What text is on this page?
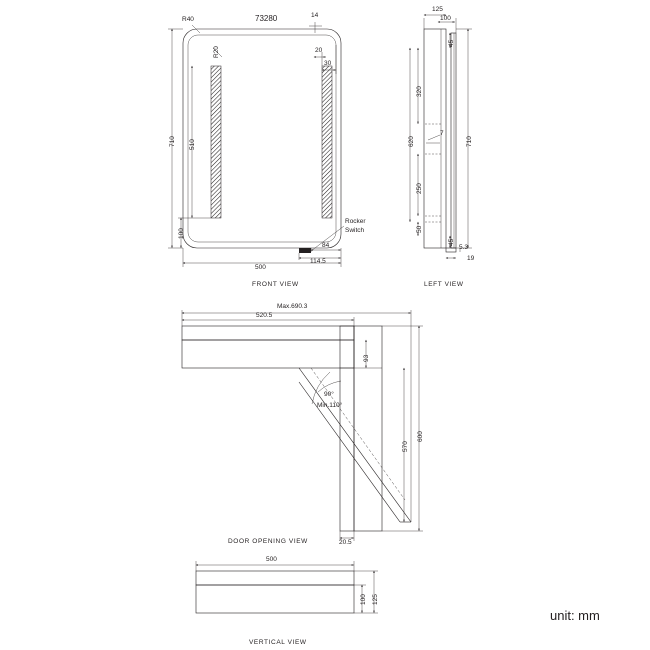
73280
R40
R20
14
20
30
710 510
100
500
84
114.5
Rocker
Switch
FRONT VIEW
125
100
45
320
620
250
50
45
710
7
5.3
19
LEFT VIEW
Max.690.3
520.5
93
90°
Min.110°
570
600
20.5
DOOR OPENING VIEW
500
100 125
VERTICAL VIEW
unit: mm
